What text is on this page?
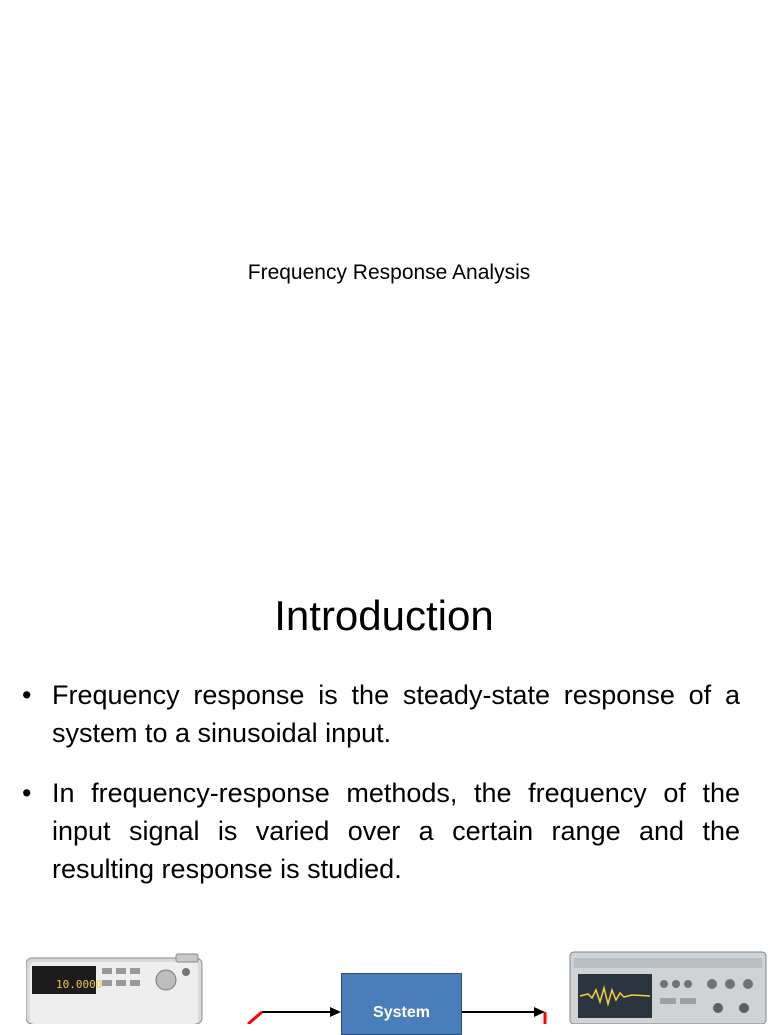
Frequency Response Analysis
Introduction
• Frequency response is the steady-state response of a system to a sinusoidal input.
• In frequency-response methods, the frequency of the input signal is varied over a certain range and the resulting response is studied.
10.0000
System
